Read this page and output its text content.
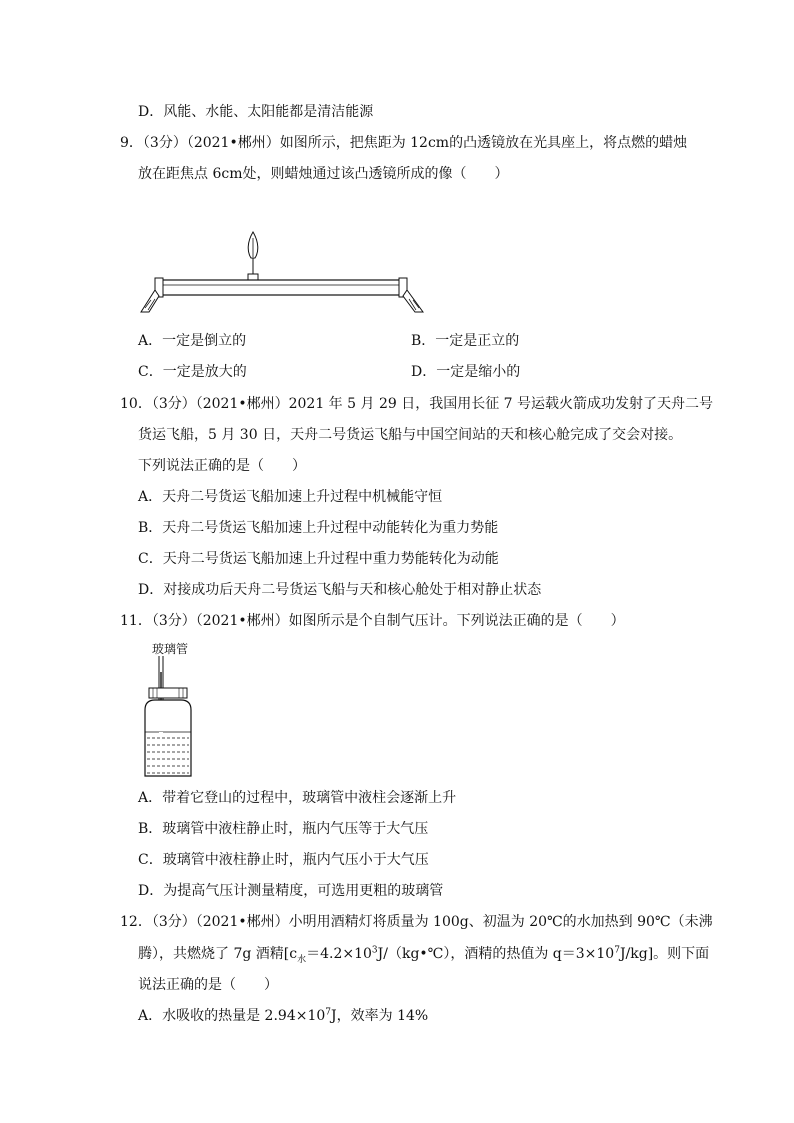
D．风能、水能、太阳能都是清洁能源
9．（3分）（2021•郴州）如图所示，把焦距为 12cm的凸透镜放在光具座上，将点燃的蜡烛
放在距焦点 6cm处，则蜡烛通过该凸透镜所成的像（　　）
A．一定是倒立的	B．一定是正立的
C．一定是放大的	D．一定是缩小的
10．（3分）（2021•郴州）2021 年 5 月 29 日，我国用长征 7 号运载火箭成功发射了天舟二号
货运飞船，5 月 30 日，天舟二号货运飞船与中国空间站的天和核心舱完成了交会对接。
下列说法正确的是（　　）
A．天舟二号货运飞船加速上升过程中机械能守恒
B．天舟二号货运飞船加速上升过程中动能转化为重力势能
C．天舟二号货运飞船加速上升过程中重力势能转化为动能
D．对接成功后天舟二号货运飞船与天和核心舱处于相对静止状态
11．（3分）（2021•郴州）如图所示是个自制气压计。下列说法正确的是（　　）
玻璃管
A．带着它登山的过程中，玻璃管中液柱会逐渐上升
B．玻璃管中液柱静止时，瓶内气压等于大气压
C．玻璃管中液柱静止时，瓶内气压小于大气压
D．为提高气压计测量精度，可选用更粗的玻璃管
12．（3分）（2021•郴州）小明用酒精灯将质量为 100g、初温为 20℃的水加热到 90℃（未沸
腾），共燃烧了 7g 酒精[$c_水=4.2\times 10^3J/(kg•℃)$，酒精的热值为 $q=3\times 10^7J/kg$]。则下面
说法正确的是（　　）
A．水吸收的热量是 $2.94\times 10^7J$，效率为 14%
